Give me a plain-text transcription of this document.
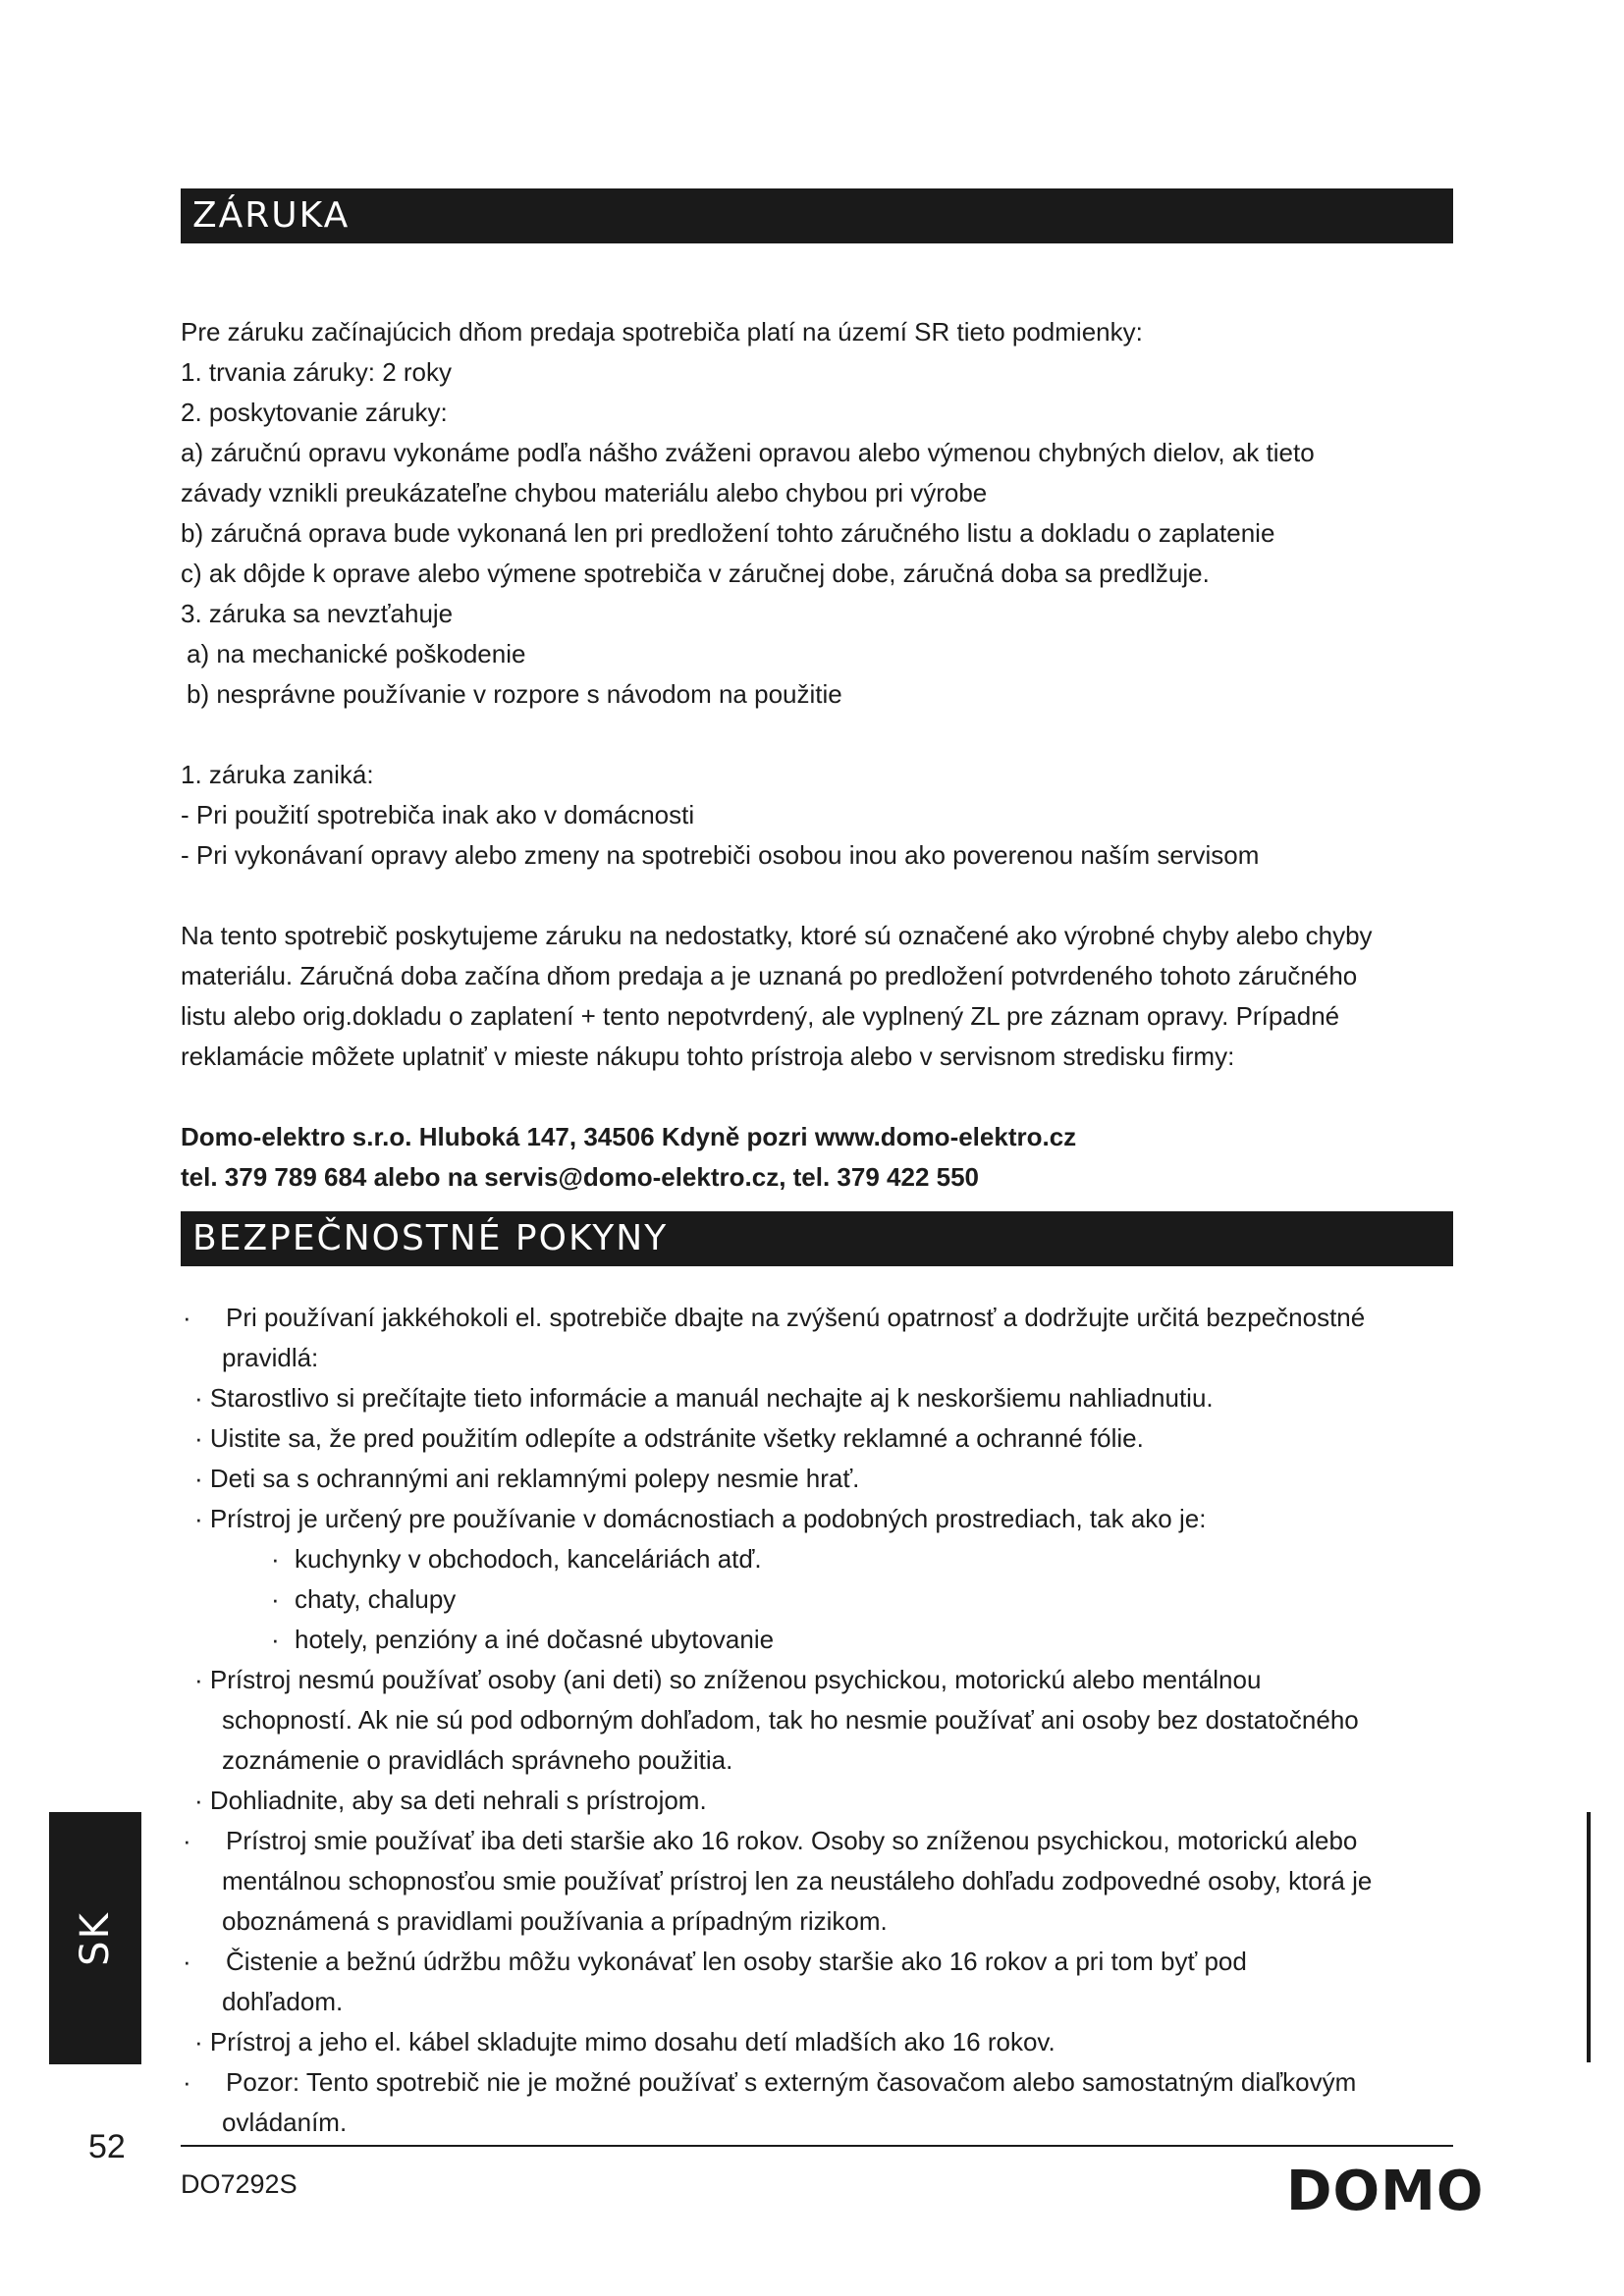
ZÁRUKA
Pre záruku začínajúcich dňom predaja spotrebiča platí na území SR tieto podmienky:
1. trvania záruky: 2 roky
2. poskytovanie záruky:
a) záručnú opravu vykonáme podľa nášho zváženi opravou alebo výmenou chybných dielov, ak tieto
závady vznikli preukázateľne chybou materiálu alebo chybou pri výrobe
b) záručná oprava bude vykonaná len pri predložení tohto záručného listu a dokladu o zaplatenie
c) ak dôjde k oprave alebo výmene spotrebiča v záručnej dobe, záručná doba sa predlžuje.
3. záruka sa nevzťahuje
a) na mechanické poškodenie
b) nesprávne používanie v rozpore s návodom na použitie
1. záruka zaniká:
- Pri použití spotrebiča inak ako v domácnosti
- Pri vykonávaní opravy alebo zmeny na spotrebiči osobou inou ako poverenou naším servisom
Na tento spotrebič poskytujeme záruku na nedostatky, ktoré sú označené ako výrobné chyby alebo chyby
materiálu. Záručná doba začína dňom predaja a je uznaná po predložení potvrdeného tohoto záručného
listu alebo orig.dokladu o zaplatení + tento nepotvrdený, ale vyplnený ZL pre záznam opravy. Prípadné
reklamácie môžete uplatniť v mieste nákupu tohto prístroja alebo v servisnom stredisku firmy:
Domo-elektro s.r.o. Hluboká 147, 34506 Kdyně pozri www.domo-elektro.cz
tel. 379 789 684 alebo na servis@domo-elektro.cz, tel. 379 422 550
BEZPEČNOSTNÉ POKYNY
· Pri používaní jakkéhokoli el. spotrebiče dbajte na zvýšenú opatrnosť a dodržujte určitá bezpečnostné
pravidlá:
· Starostlivo si prečítajte tieto informácie a manuál nechajte aj k neskoršiemu nahliadnutiu.
· Uistite sa, že pred použitím odlepíte a odstránite všetky reklamné a ochranné fólie.
· Deti sa s ochrannými ani reklamnými polepy nesmie hrať.
· Prístroj je určený pre používanie v domácnostiach a podobných prostrediach, tak ako je:
· kuchynky v obchodoch, kanceláriách atď.
· chaty, chalupy
· hotely, penzióny a iné dočasné ubytovanie
· Prístroj nesmú používať osoby (ani deti) so zníženou psychickou, motorickú alebo mentálnou
schopností. Ak nie sú pod odborným dohľadom, tak ho nesmie používať ani osoby bez dostatočného
zoznámenie o pravidlách správneho použitia.
· Dohliadnite, aby sa deti nehrali s prístrojom.
· Prístroj smie používať iba deti staršie ako 16 rokov. Osoby so zníženou psychickou, motorickú alebo
mentálnou schopnosťou smie používať prístroj len za neustáleho dohľadu zodpovedné osoby, ktorá je
oboznámená s pravidlami používania a prípadným rizikom.
· Čistenie a bežnú údržbu môžu vykonávať len osoby staršie ako 16 rokov a pri tom byť pod
dohľadom.
· Prístroj a jeho el. kábel skladujte mimo dosahu detí mladších ako 16 rokov.
· Pozor: Tento spotrebič nie je možné používať s externým časovačom alebo samostatným diaľkovým
ovládaním.
SK
52
DO7292S	DOMO
